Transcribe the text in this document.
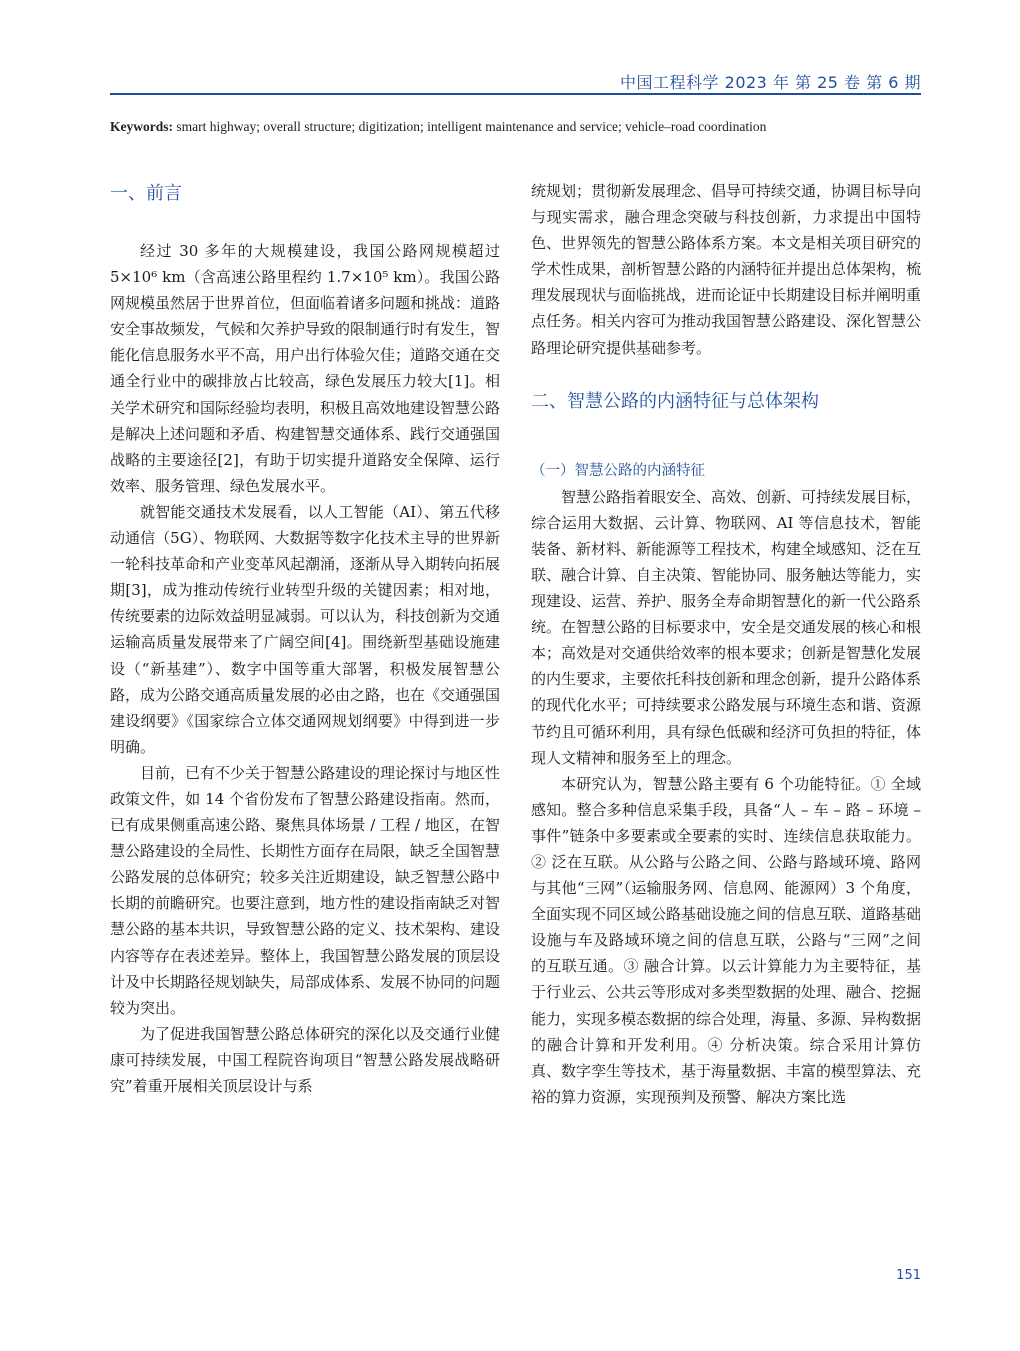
中国工程科学 2023 年 第 25 卷 第 6 期
Keywords: smart highway; overall structure; digitization; intelligent maintenance and service; vehicle–road coordination
一、前言

经过 30 多年的大规模建设，我国公路网规模超过 5×10⁶ km（含高速公路里程约 1.7×10⁵ km）。我国公路网规模虽然居于世界首位，但面临着诸多问题和挑战：道路安全事故频发，气候和欠养护导致的限制通行时有发生，智能化信息服务水平不高，用户出行体验欠佳；道路交通在交通全行业中的碳排放占比较高，绿色发展压力较大[1]。相关学术研究和国际经验均表明，积极且高效地建设智慧公路是解决上述问题和矛盾、构建智慧交通体系、践行交通强国战略的主要途径[2]，有助于切实提升道路安全保障、运行效率、服务管理、绿色发展水平。

就智能交通技术发展看，以人工智能（AI）、第五代移动通信（5G）、物联网、大数据等数字化技术主导的世界新一轮科技革命和产业变革风起潮涌，逐渐从导入期转向拓展期[3]，成为推动传统行业转型升级的关键因素；相对地，传统要素的边际效益明显减弱。可以认为，科技创新为交通运输高质量发展带来了广阔空间[4]。围绕新型基础设施建设（“新基建”）、数字中国等重大部署，积极发展智慧公路，成为公路交通高质量发展的必由之路，也在《交通强国建设纲要》《国家综合立体交通网规划纲要》中得到进一步明确。

目前，已有不少关于智慧公路建设的理论探讨与地区性政策文件，如 14 个省份发布了智慧公路建设指南。然而，已有成果侧重高速公路、聚焦具体场景 / 工程 / 地区，在智慧公路建设的全局性、长期性方面存在局限，缺乏全国智慧公路发展的总体研究；较多关注近期建设，缺乏智慧公路中长期的前瞻研究。也要注意到，地方性的建设指南缺乏对智慧公路的基本共识，导致智慧公路的定义、技术架构、建设内容等存在表述差异。整体上，我国智慧公路发展的顶层设计及中长期路径规划缺失，局部成体系、发展不协同的问题较为突出。

为了促进我国智慧公路总体研究的深化以及交通行业健康可持续发展，中国工程院咨询项目“智慧公路发展战略研究”着重开展相关顶层设计与系

统规划；贯彻新发展理念、倡导可持续交通，协调目标导向与现实需求，融合理念突破与科技创新，力求提出中国特色、世界领先的智慧公路体系方案。本文是相关项目研究的学术性成果，剖析智慧公路的内涵特征并提出总体架构，梳理发展现状与面临挑战，进而论证中长期建设目标并阐明重点任务。相关内容可为推动我国智慧公路建设、深化智慧公路理论研究提供基础参考。

二、智慧公路的内涵特征与总体架构
（一）智慧公路的内涵特征

智慧公路指着眼安全、高效、创新、可持续发展目标，综合运用大数据、云计算、物联网、AI 等信息技术，智能装备、新材料、新能源等工程技术，构建全域感知、泛在互联、融合计算、自主决策、智能协同、服务触达等能力，实现建设、运营、养护、服务全寿命期智慧化的新一代公路系统。在智慧公路的目标要求中，安全是交通发展的核心和根本；高效是对交通供给效率的根本要求；创新是智慧化发展的内生要求，主要依托科技创新和理念创新，提升公路体系的现代化水平；可持续要求公路发展与环境生态和谐、资源节约且可循环利用，具有绿色低碳和经济可负担的特征，体现人文精神和服务至上的理念。

本研究认为，智慧公路主要有 6 个功能特征。① 全域感知。整合多种信息采集手段，具备“人 – 车 – 路 – 环境 – 事件”链条中多要素或全要素的实时、连续信息获取能力。② 泛在互联。从公路与公路之间、公路与路域环境、路网与其他“三网”（运输服务网、信息网、能源网）3 个角度，全面实现不同区域公路基础设施之间的信息互联、道路基础设施与车及路域环境之间的信息互联，公路与“三网”之间的互联互通。③ 融合计算。以云计算能力为主要特征，基于行业云、公共云等形成对多类型数据的处理、融合、挖掘能力，实现多模态数据的综合处理，海量、多源、异构数据的融合计算和开发利用。④ 分析决策。综合采用计算仿真、数字孪生等技术，基于海量数据、丰富的模型算法、充裕的算力资源，实现预判及预警、解决方案比选

151
